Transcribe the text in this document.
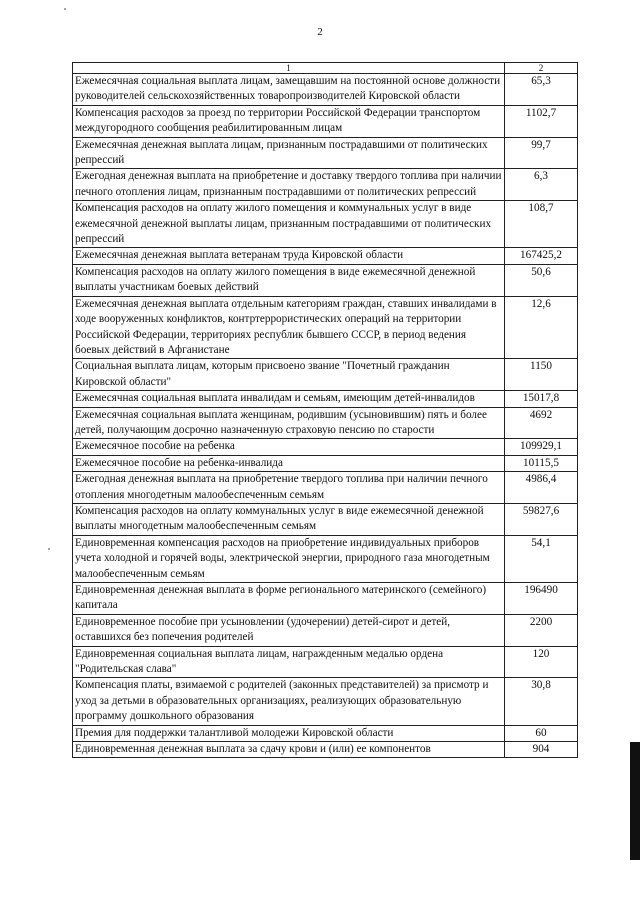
2
1	2
Ежемесячная социальная выплата лицам, замещавшим на постоянной основе должности руководителей сельскохозяйственных товаропроизводителей Кировской области	65,3
Компенсация расходов за проезд по территории Российской Федерации транспортом междугородного сообщения реабилитированным лицам	1102,7
Ежемесячная денежная выплата лицам, признанным пострадавшими от политических репрессий	99,7
Ежегодная денежная выплата на приобретение и доставку твердого топлива при наличии печного отопления лицам, признанным пострадавшими от политических репрессий	6,3
Компенсация расходов на оплату жилого помещения и коммунальных услуг в виде ежемесячной денежной выплаты лицам, признанным пострадавшими от политических репрессий	108,7
Ежемесячная денежная выплата ветеранам труда Кировской области	167425,2
Компенсация расходов на оплату жилого помещения в виде ежемесячной денежной выплаты участникам боевых действий	50,6
Ежемесячная денежная выплата отдельным категориям граждан, ставших инвалидами в ходе вооруженных конфликтов, контртеррористических операций на территории Российской Федерации, территориях республик бывшего СССР, в период ведения боевых действий в Афганистане	12,6
Социальная выплата лицам, которым присвоено звание "Почетный гражданин Кировской области"	1150
Ежемесячная социальная выплата инвалидам и семьям, имеющим детей-инвалидов	15017,8
Ежемесячная социальная выплата женщинам, родившим (усыновившим) пять и более детей, получающим досрочно назначенную страховую пенсию по старости	4692
Ежемесячное пособие на ребенка	109929,1
Ежемесячное пособие на ребенка-инвалида	10115,5
Ежегодная денежная выплата на приобретение твердого топлива при наличии печного отопления многодетным малообеспеченным семьям	4986,4
Компенсация расходов на оплату коммунальных услуг в виде ежемесячной денежной выплаты многодетным малообеспеченным семьям	59827,6
Единовременная компенсация расходов на приобретение индивидуальных приборов учета холодной и горячей воды, электрической энергии, природного газа многодетным малообеспеченным семьям	54,1
Единовременная денежная выплата в форме регионального материнского (семейного) капитала	196490
Единовременное пособие при усыновлении (удочерении) детей-сирот и детей, оставшихся без попечения родителей	2200
Единовременная социальная выплата лицам, награжденным медалью ордена "Родительская слава"	120
Компенсация платы, взимаемой с родителей (законных представителей) за присмотр и уход за детьми в образовательных организациях, реализующих образовательную программу дошкольного образования	30,8
Премия для поддержки талантливой молодежи Кировской области	60
Единовременная денежная выплата за сдачу крови и (или) ее компонентов	904
